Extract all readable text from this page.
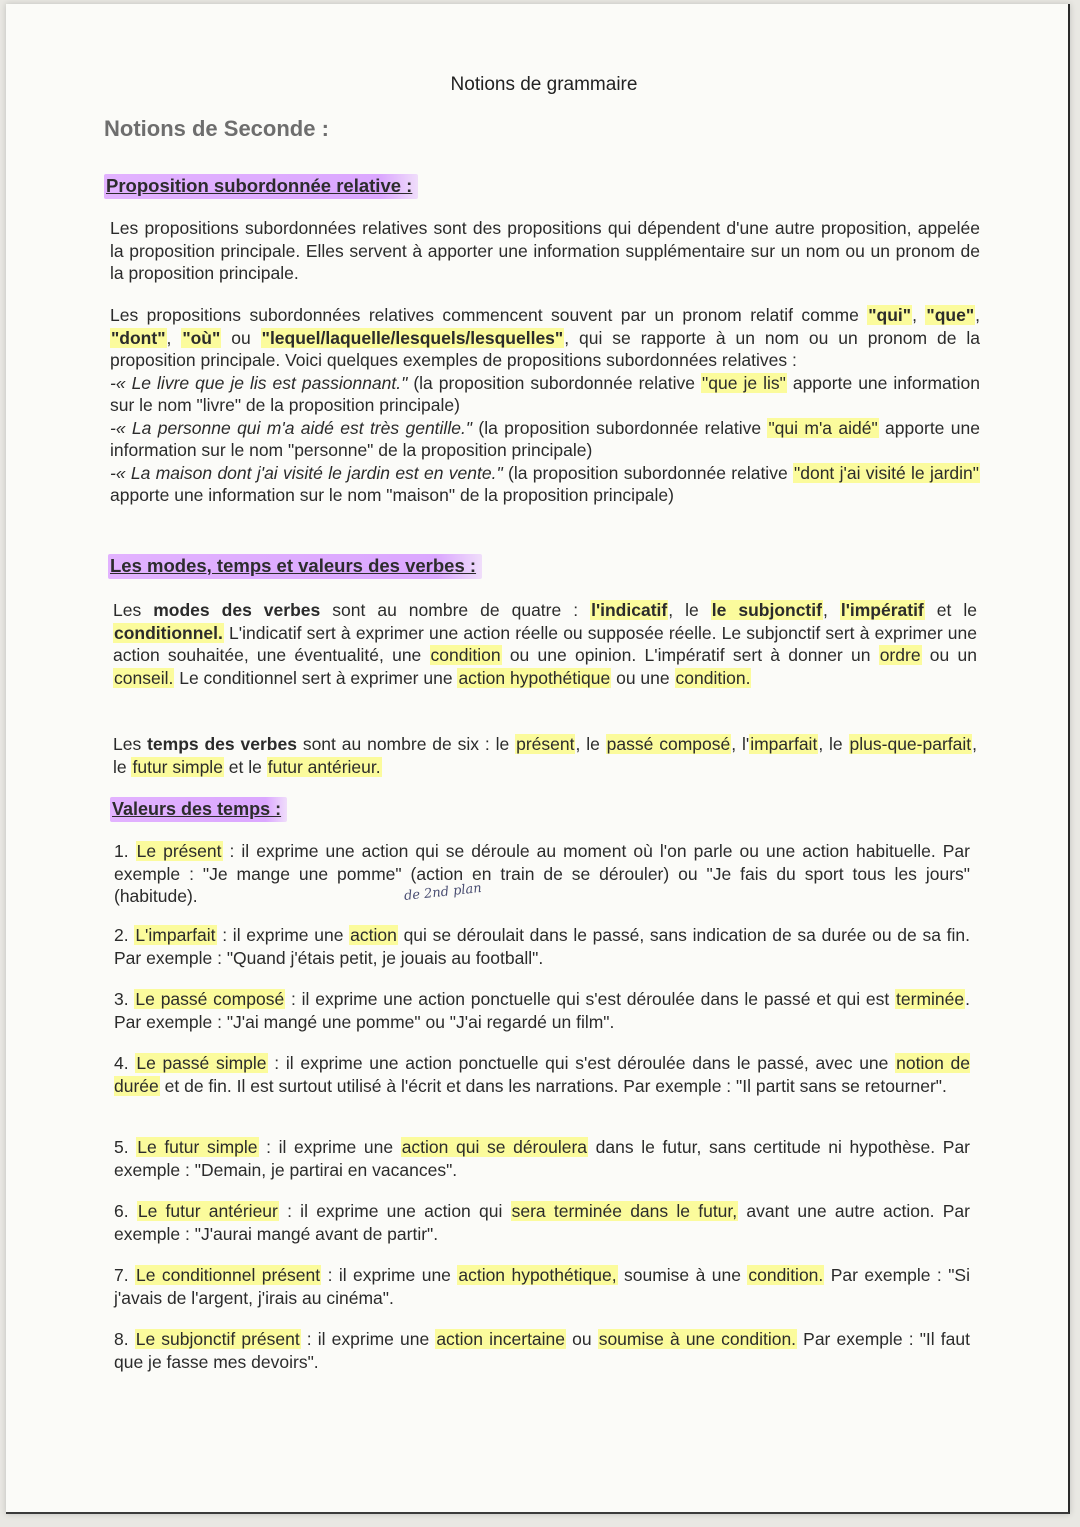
Notions de grammaire
Notions de Seconde :
Proposition subordonnée relative :

Les propositions subordonnées relatives sont des propositions qui dépendent d'une autre proposition, appelée la proposition principale. Elles servent à apporter une information supplémentaire sur un nom ou un pronom de la proposition principale.

Les propositions subordonnées relatives commencent souvent par un pronom relatif comme "qui", "que", "dont", "où" ou "lequel/laquelle/lesquels/lesquelles", qui se rapporte à un nom ou un pronom de la proposition principale. Voici quelques exemples de propositions subordonnées relatives :
-« Le livre que je lis est passionnant." (la proposition subordonnée relative "que je lis" apporte une information sur le nom "livre" de la proposition principale)
-« La personne qui m'a aidé est très gentille." (la proposition subordonnée relative "qui m'a aidé" apporte une information sur le nom "personne" de la proposition principale)
-« La maison dont j'ai visité le jardin est en vente." (la proposition subordonnée relative "dont j'ai visité le jardin" apporte une information sur le nom "maison" de la proposition principale)

Les modes, temps et valeurs des verbes :

Les modes des verbes sont au nombre de quatre : l'indicatif, le le subjonctif, l'impératif et le conditionnel. L'indicatif sert à exprimer une action réelle ou supposée réelle. Le subjonctif sert à exprimer une action souhaitée, une éventualité, une condition ou une opinion. L'impératif sert à donner un ordre ou un conseil. Le conditionnel sert à exprimer une action hypothétique ou une condition.

Les temps des verbes sont au nombre de six : le présent, le passé composé, l'imparfait, le plus-que-parfait, le futur simple et le futur antérieur.

Valeurs des temps :
1. Le présent : il exprime une action qui se déroule au moment où l'on parle ou une action habituelle. Par exemple : "Je mange une pomme" (action en train de se dérouler) ou "Je fais du sport tous les jours" (habitude).
2. L'imparfait : il exprime une action qui se déroulait dans le passé, sans indication de sa durée ou de sa fin. Par exemple : "Quand j'étais petit, je jouais au football".
3. Le passé composé : il exprime une action ponctuelle qui s'est déroulée dans le passé et qui est terminée. Par exemple : "J'ai mangé une pomme" ou "J'ai regardé un film".
4. Le passé simple : il exprime une action ponctuelle qui s'est déroulée dans le passé, avec une notion de durée et de fin. Il est surtout utilisé à l'écrit et dans les narrations. Par exemple : "Il partit sans se retourner".
5. Le futur simple : il exprime une action qui se déroulera dans le futur, sans certitude ni hypothèse. Par exemple : "Demain, je partirai en vacances".
6. Le futur antérieur : il exprime une action qui sera terminée dans le futur, avant une autre action. Par exemple : "J'aurai mangé avant de partir".
7. Le conditionnel présent : il exprime une action hypothétique, soumise à une condition. Par exemple : "Si j'avais de l'argent, j'irais au cinéma".
8. Le subjonctif présent : il exprime une action incertaine ou soumise à une condition. Par exemple : "Il faut que je fasse mes devoirs".
de 2nd plan
